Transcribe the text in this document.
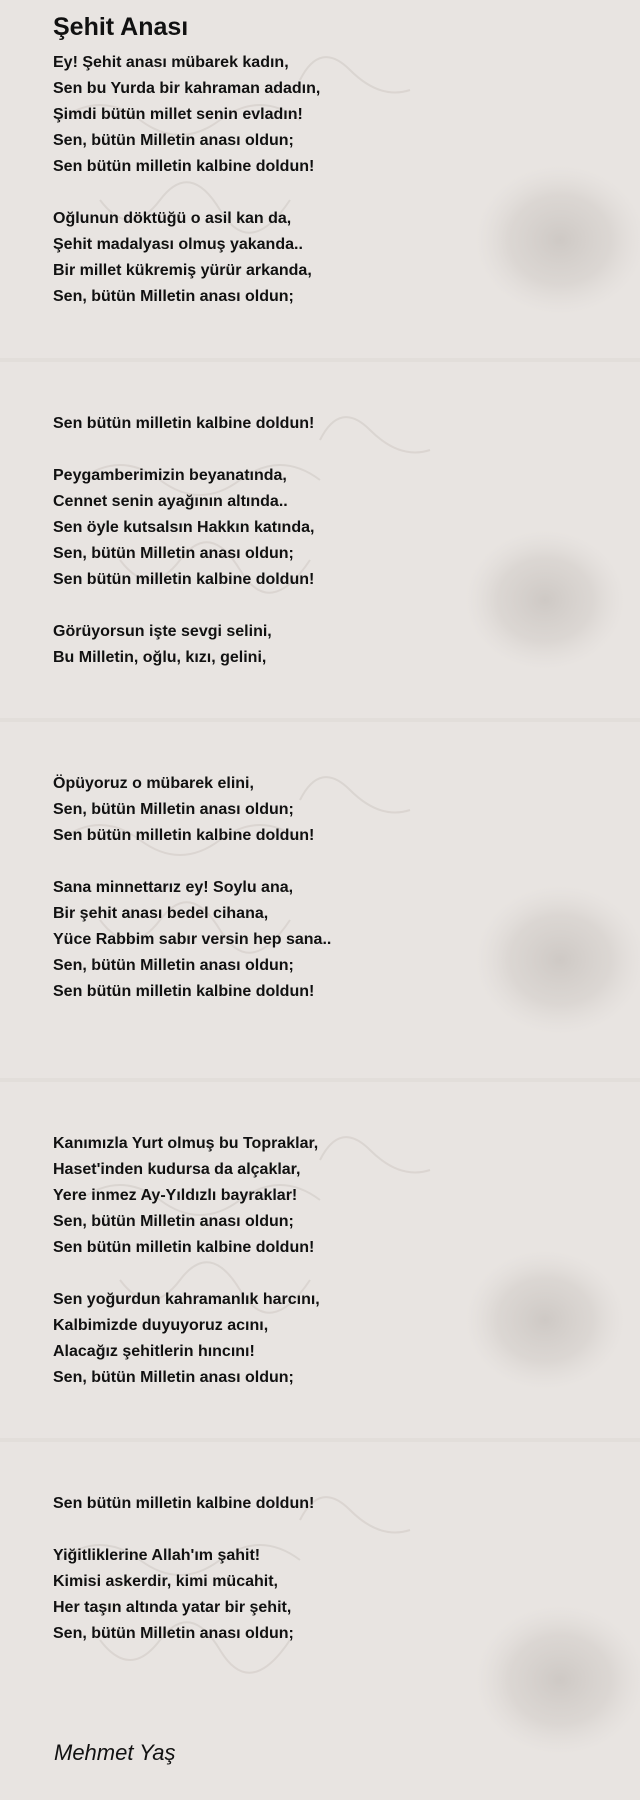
Şehit Anası
Ey! Şehit anası mübarek kadın,
Sen bu Yurda bir kahraman adadın,
Şimdi bütün millet senin evladın!
Sen, bütün Milletin anası oldun;
Sen bütün milletin kalbine doldun!
Oğlunun döktüğü o asil kan da,
Şehit madalyası olmuş yakanda..
Bir millet kükremiş yürür arkanda,
Sen, bütün Milletin anası oldun;
Sen bütün milletin kalbine doldun!
Peygamberimizin beyanatında,
Cennet senin ayağının altında..
Sen öyle kutsalsın Hakkın katında,
Sen, bütün Milletin anası oldun;
Sen bütün milletin kalbine doldun!
Görüyorsun işte sevgi selini,
Bu Milletin, oğlu, kızı, gelini,
Öpüyoruz o mübarek elini,
Sen, bütün Milletin anası oldun;
Sen bütün milletin kalbine doldun!
Sana minnettarız ey! Soylu ana,
Bir şehit anası bedel cihana,
Yüce Rabbim sabır versin hep sana..
Sen, bütün Milletin anası oldun;
Sen bütün milletin kalbine doldun!
Kanımızla Yurt olmuş bu Topraklar,
Haset'inden kudursa da alçaklar,
Yere inmez Ay-Yıldızlı bayraklar!
Sen, bütün Milletin anası oldun;
Sen bütün milletin kalbine doldun!
Sen yoğurdun kahramanlık harcını,
Kalbimizde duyuyoruz acını,
Alacağız şehitlerin hıncını!
Sen, bütün Milletin anası oldun;
Sen bütün milletin kalbine doldun!
Yiğitliklerine Allah'ım şahit!
Kimisi askerdir, kimi mücahit,
Her taşın altında yatar bir şehit,
Sen, bütün Milletin anası oldun;

Mehmet Yaş
